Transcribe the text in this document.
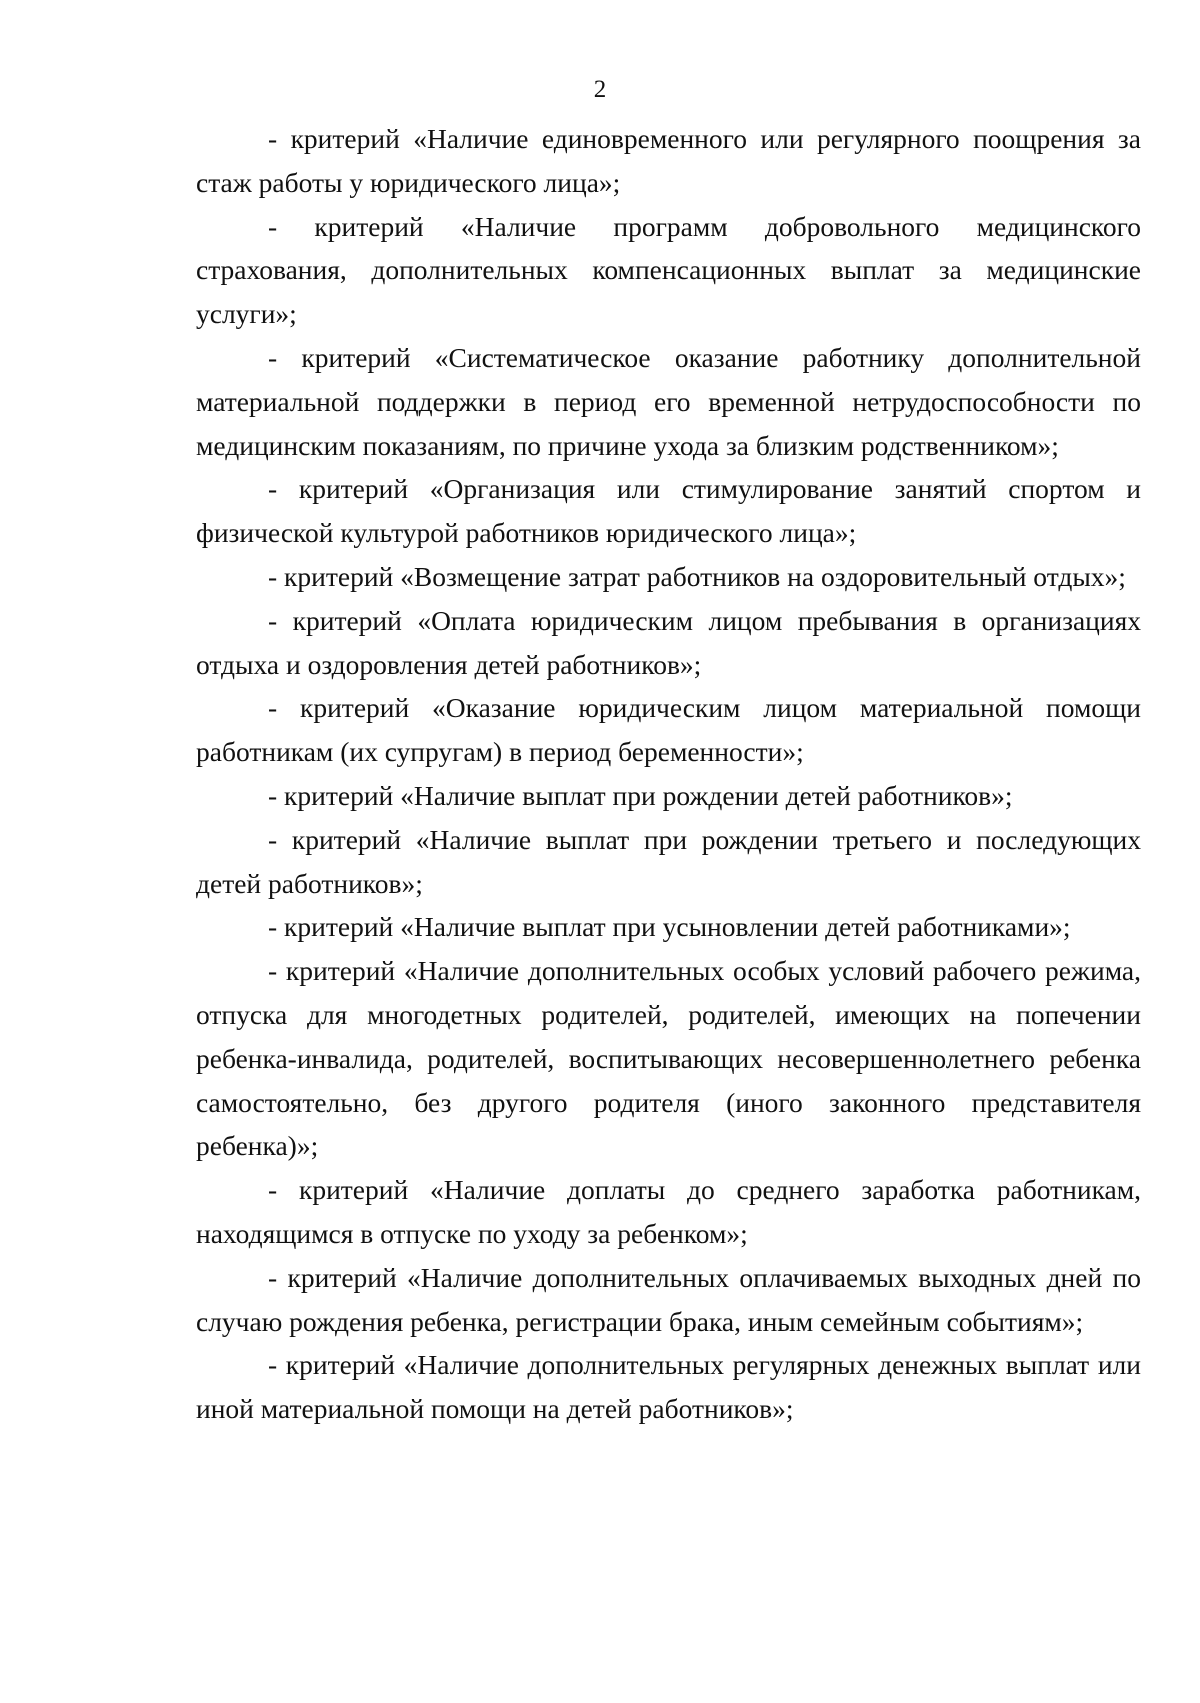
2

- критерий «Наличие единовременного или регулярного поощрения за стаж работы у юридического лица»;

- критерий «Наличие программ добровольного медицинского страхования, дополнительных компенсационных выплат за медицинские услуги»;

- критерий «Систематическое оказание работнику дополнительной материальной поддержки в период его временной нетрудоспособности по медицинским показаниям, по причине ухода за близким родственником»;

- критерий «Организация или стимулирование занятий спортом и физической культурой работников юридического лица»;

- критерий «Возмещение затрат работников на оздоровительный отдых»;

- критерий «Оплата юридическим лицом пребывания в организациях отдыха и оздоровления детей работников»;

- критерий «Оказание юридическим лицом материальной помощи работникам (их супругам) в период беременности»;

- критерий «Наличие выплат при рождении детей работников»;

- критерий «Наличие выплат при рождении третьего и последующих детей работников»;

- критерий «Наличие выплат при усыновлении детей работниками»;

- критерий «Наличие дополнительных особых условий рабочего режима, отпуска для многодетных родителей, родителей, имеющих на попечении ребенка-инвалида, родителей, воспитывающих несовершеннолетнего ребенка самостоятельно, без другого родителя (иного законного представителя ребенка)»;

- критерий «Наличие доплаты до среднего заработка работникам, находящимся в отпуске по уходу за ребенком»;

- критерий «Наличие дополнительных оплачиваемых выходных дней по случаю рождения ребенка, регистрации брака, иным семейным событиям»;

- критерий «Наличие дополнительных регулярных денежных выплат или иной материальной помощи на детей работников»;
